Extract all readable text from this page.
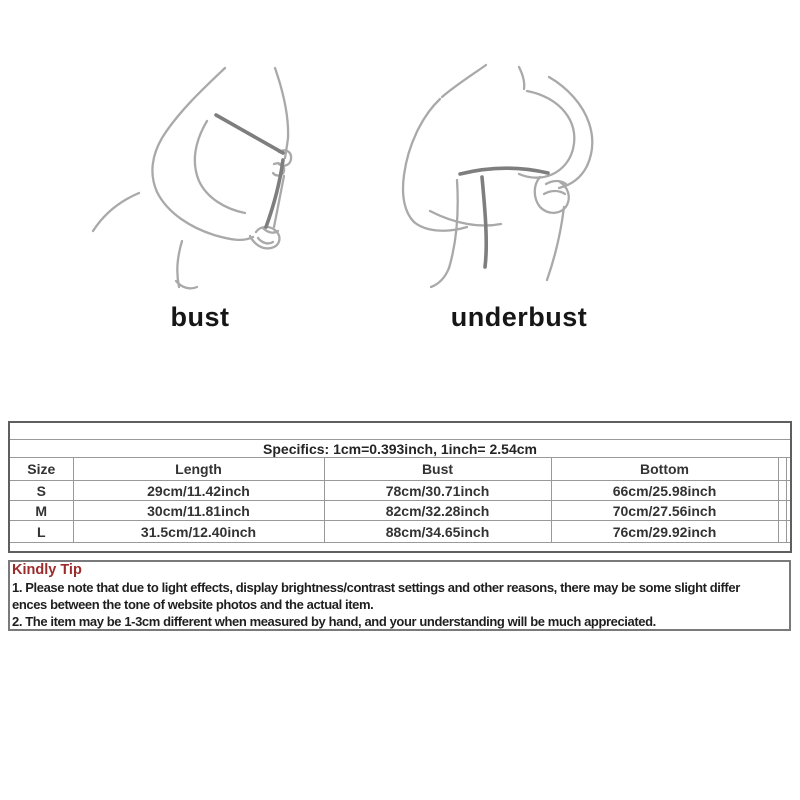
bust	underbust

Specifics: 1cm=0.393inch, 1inch= 2.54cm					
Size	Length	Bust	Bottom		
S	29cm/11.42inch	78cm/30.71inch	66cm/25.98inch		
M	30cm/11.81inch	82cm/32.28inch	70cm/27.56inch		
L	31.5cm/12.40inch	88cm/34.65inch	76cm/29.92inch		

Kindly Tip
1. Please note that due to light effects, display brightness/contrast settings and other reasons, there may be some slight differ
ences between the tone of website photos and the actual item.
2. The item may be 1-3cm different when measured by hand, and your understanding will be much appreciated.
